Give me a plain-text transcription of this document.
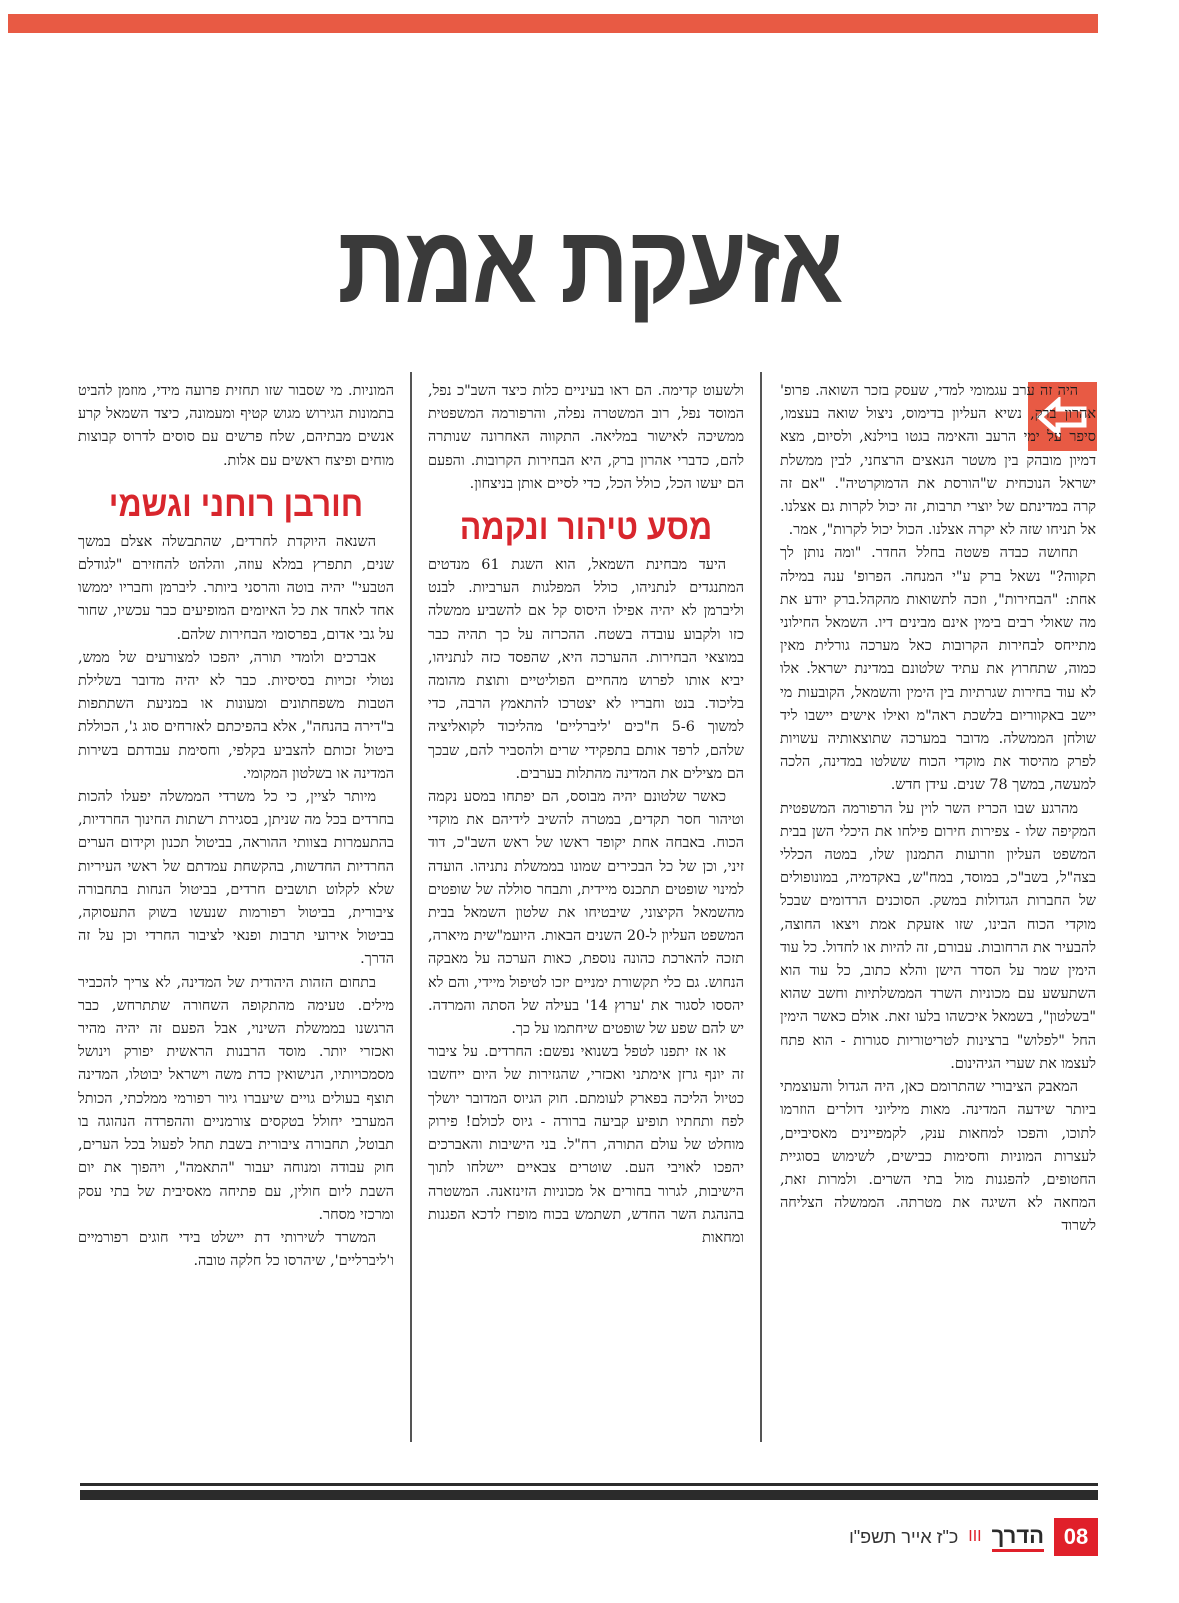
אזעקת אמת

היה זה ערב עגמומי למדי, שעסק בזכר השואה. פרופ' אהרון ברק, נשיא העליון בדימוס, ניצול שואה בעצמו, סיפר על ימי הרעב והאימה בגטו בוילנא, ולסיום, מצא דמיון מובהק בין משטר הנאצים הרצחני, לבין ממשלת ישראל הנוכחית ש"הורסת את הדמוקרטיה". "אם זה קרה במדינתם של יוצרי תרבות, זה יכול לקרות גם אצלנו. אל תניחו שזה לא יקרה אצלנו. הכול יכול לקרות", אמר.

תחושה כבדה פשטה בחלל החדר. "ומה נותן לך תקווה?" נשאל ברק ע"י המנחה. הפרופ' ענה במילה אחת: "הבחירות", וזכה לתשואות מהקהל.ברק יודע את מה שאולי רבים בימין אינם מבינים דיו. השמאל החילוני מתייחס לבחירות הקרובות כאל מערכה גורלית מאין כמוה, שתחרוץ את עתיד שלטונם במדינת ישראל. אלו לא עוד בחירות שגרתיות בין הימין והשמאל, הקובעות מי יישב באקווריום בלשכת ראה"מ ואילו אישים יישבו ליד שולחן הממשלה. מדובר במערכה שתוצאותיה עשויות לפרק מהיסוד את מוקדי הכוח ששלטו במדינה, הלכה למעשה, במשך 78 שנים. עידן חדש.

מהרגע שבו הכריז השר לוין על הרפורמה המשפטית המקיפה שלו - צפירות חירום פילחו את היכלי השן בבית המשפט העליון וזרועות התמנון שלו, במטה הכללי בצה"ל, בשב"כ, במוסד, במח"ש, באקדמיה, במונופולים של החברות הגדולות במשק. הסוכנים הרדומים שבכל מוקדי הכוח הבינו, שזו אזעקת אמת ויצאו החוצה, להבעיר את הרחובות. עבורם, זה להיות או לחדול. כל עוד הימין שמר על הסדר הישן והלא כתוב, כל עוד הוא השתעשע עם מכוניות השרד הממשלתיות וחשב שהוא "בשלטון", בשמאל איכשהו בלעו זאת. אולם כאשר הימין החל "לפלוש" ברצינות לטריטוריות סגורות - הוא פתח לעצמו את שערי הגיהינום.

המאבק הציבורי שהתרומם כאן, היה הגדול והעוצמתי ביותר שידעה המדינה. מאות מיליוני דולרים הוזרמו לתוכו, והפכו למחאות ענק, לקמפיינים מאסיביים, לעצרות המוניות וחסימות כבישים, לשימוש בסוגיית החטופים, להפגנות מול בתי השרים. ולמרות זאת, המחאה לא השיגה את מטרתה. הממשלה הצליחה לשרוד

ולשעוט קדימה. הם ראו בעיניים כלות כיצד השב"כ נפל, המוסד נפל, רוב המשטרה נפלה, והרפורמה המשפטית ממשיכה לאישור במליאה. התקווה האחרונה שנותרה להם, כדברי אהרון ברק, היא הבחירות הקרובות. והפעם הם יעשו הכל, כולל הכל, כדי לסיים אותן בניצחון.

מסע טיהור ונקמה

היעד מבחינת השמאל, הוא השגת 61 מנדטים המתנגדים לנתניהו, כולל המפלגות הערביות. לבנט וליברמן לא יהיה אפילו היסוס קל אם להשביע ממשלה כזו ולקבוע עובדה בשטח. ההכרזה על כך תהיה כבר במוצאי הבחירות. ההערכה היא, שהפסד כזה לנתניהו, יביא אותו לפרוש מהחיים הפוליטיים ותוצת מהומה בליכוד. בנט וחבריו לא יצטרכו להתאמץ הרבה, כדי למשוך 5-6 ח"כים 'ליברליים' מהליכוד לקואליציה שלהם, לרפד אותם בתפקידי שרים ולהסביר להם, שבכך הם מצילים את המדינה מהתלות בערבים.

כאשר שלטונם יהיה מבוסס, הם יפתחו במסע נקמה וטיהור חסר תקדים, במטרה להשיב לידיהם את מוקדי הכוח. באבחה אחת יקופד ראשו של ראש השב"כ, דוד זיני, וכן של כל הבכירים שמונו בממשלת נתניהו. הועדה למינוי שופטים תתכנס מיידית, ותבחר סוללה של שופטים מהשמאל הקיצוני, שיבטיחו את שלטון השמאל בבית המשפט העליון ל-20 השנים הבאות. היועמ"שית מיארה, תזכה להארכת כהונה נוספת, כאות הערכה על מאבקה הנחוש. גם כלי תקשורת ימניים יזכו לטיפול מיידי, והם לא יהססו לסגור את 'ערוץ 14' בעילה של הסתה והמרדה. יש להם שפע של שופטים שיחתמו על כך.

או אז יתפנו לטפל בשנואי נפשם: החרדים. על ציבור זה יונף גרזן אימתני ואכזרי, שהגזירות של היום ייחשבו כטיול הליכה בפארק לעומתם. חוק הגיוס המדובר יושלך לפח ותחתיו תופיע קביעה ברורה - גיוס לכולם! פירוק מוחלט של עולם התורה, רח"ל. בני הישיבות והאברכים יהפכו לאויבי העם. שוטרים צבאיים יישלחו לתוך הישיבות, לגרור בחורים אל מכוניות הזינזאנה. המשטרה בהנהגת השר החדש, תשתמש בכוח מופרז לדכא הפגנות ומחאות

המוניות. מי שסבור שזו תחזית פרועה מידי, מוזמן להביט בתמונות הגירוש מגוש קטיף ומעמונה, כיצד השמאל קרע אנשים מבתיהם, שלח פרשים עם סוסים לדרוס קבוצות מוחים ופיצח ראשים עם אלות.

חורבן רוחני וגשמי

השנאה היוקדת לחרדים, שהתבשלה אצלם במשך שנים, תתפרץ במלא עוזה, והלהט להחזירם "לגודלם הטבעי" יהיה בוטה והרסני ביותר. ליברמן וחבריו יממשו אחד לאחד את כל האיומים המופיעים כבר עכשיו, שחור על גבי אדום, בפרסומי הבחירות שלהם.

אברכים ולומדי תורה, יהפכו למצורעים של ממש, נטולי זכויות בסיסיות. כבר לא יהיה מדובר בשלילת הטבות משפחתונים ומעונות או במניעת השתתפות ב"דירה בהנחה", אלא בהפיכתם לאזרחים סוג ג', הכוללת ביטול זכותם להצביע בקלפי, וחסימת עבודתם בשירות המדינה או בשלטון המקומי.

מיותר לציין, כי כל משרדי הממשלה יפעלו להכות בחרדים בכל מה שניתן, בסגירת רשתות החינוך החרדיות, בהתעמרות בצוותי ההוראה, בביטול תכנון וקידום הערים החרדיות החדשות, בהקשחת עמדתם של ראשי העיריות שלא לקלוט תושבים חרדים, בביטול הנחות בתחבורה ציבורית, בביטול רפורמות שנעשו בשוק התעסוקה, בביטול אירועי תרבות ופנאי לציבור החרדי וכן על זה הדרך.

בתחום הזהות היהודית של המדינה, לא צריך להכביר מילים. טעימה מהתקופה השחורה שתתרחש, כבר הרגשנו בממשלת השינוי, אבל הפעם זה יהיה מהיר ואכזרי יותר. מוסד הרבנות הראשית יפורק וינושל מסמכויותיו, הנישואין כדת משה וישראל יבוטלו, המדינה תוצף בעולים גויים שיעברו גיור רפורמי ממלכתי, הכותל המערבי יחולל בטקסים צורמניים וההפרדה הנהוגה בו תבוטל, תחבורה ציבורית בשבת תחל לפעול בכל הערים, חוק עבודה ומנוחה יעבור "התאמה", ויהפוך את יום השבת ליום חולין, עם פתיחה מאסיבית של בתי עסק ומרכזי מסחר.

המשרד לשירותי דת יישלט בידי חוגים רפורמיים ו'ליברליים', שיהרסו כל חלקה טובה.

08
הדרך
III
כ"ז אייר תשפ"ו
